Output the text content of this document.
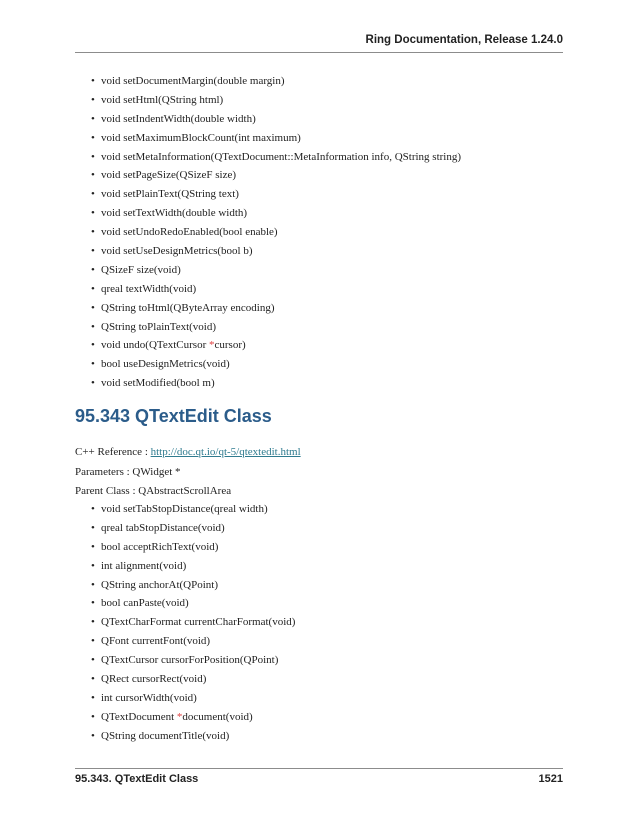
Ring Documentation, Release 1.24.0
• void setDocumentMargin(double margin)
• void setHtml(QString html)
• void setIndentWidth(double width)
• void setMaximumBlockCount(int maximum)
• void setMetaInformation(QTextDocument::MetaInformation info, QString string)
• void setPageSize(QSizeF size)
• void setPlainText(QString text)
• void setTextWidth(double width)
• void setUndoRedoEnabled(bool enable)
• void setUseDesignMetrics(bool b)
• QSizeF size(void)
• qreal textWidth(void)
• QString toHtml(QByteArray encoding)
• QString toPlainText(void)
• void undo(QTextCursor *cursor)
• bool useDesignMetrics(void)
• void setModified(bool m)
95.343 QTextEdit Class
C++ Reference : http://doc.qt.io/qt-5/qtextedit.html
Parameters : QWidget *
Parent Class : QAbstractScrollArea
• void setTabStopDistance(qreal width)
• qreal tabStopDistance(void)
• bool acceptRichText(void)
• int alignment(void)
• QString anchorAt(QPoint)
• bool canPaste(void)
• QTextCharFormat currentCharFormat(void)
• QFont currentFont(void)
• QTextCursor cursorForPosition(QPoint)
• QRect cursorRect(void)
• int cursorWidth(void)
• QTextDocument *document(void)
• QString documentTitle(void)
95.343. QTextEdit Class	1521
